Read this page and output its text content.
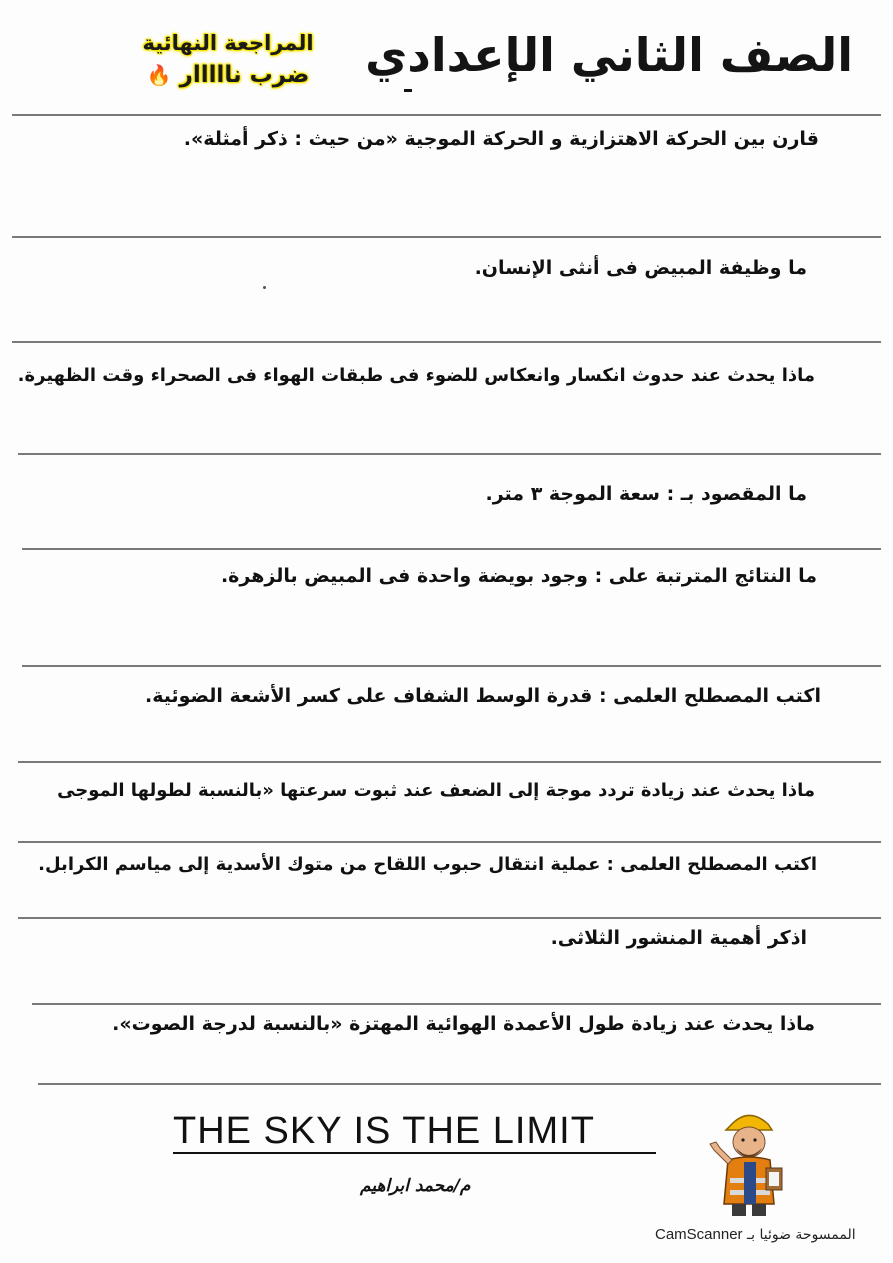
الصف الثاني الإعدادي
المراجعة النهائية
ضرب نااااار 🔥
قارن بين الحركة الاهتزازية و الحركة الموجية «من حيث : ذكر أمثلة».
ما وظيفة المبيض فى أنثى الإنسان.
ماذا يحدث عند حدوث انكسار وانعكاس للضوء فى طبقات الهواء فى الصحراء وقت الظهيرة.
ما المقصود بـ : سعة الموجة ٣ متر.
ما النتائج المترتبة على : وجود بويضة واحدة فى المبيض بالزهرة.
اكتب المصطلح العلمى : قدرة الوسط الشفاف على كسر الأشعة الضوئية.
ماذا يحدث عند زيادة تردد موجة إلى الضعف عند ثبوت سرعتها «بالنسبة لطولها الموجى
اكتب المصطلح العلمى : عملية انتقال حبوب اللقاح من متوك الأسدية إلى مياسم الكرابل.
اذكر أهمية المنشور الثلاثى.
ماذا يحدث عند زيادة طول الأعمدة الهوائية المهتزة «بالنسبة لدرجة الصوت».
THE SKY IS THE LIMIT
م/محمد ابراهيم
الممسوحة ضوئيا بـ CamScanner
